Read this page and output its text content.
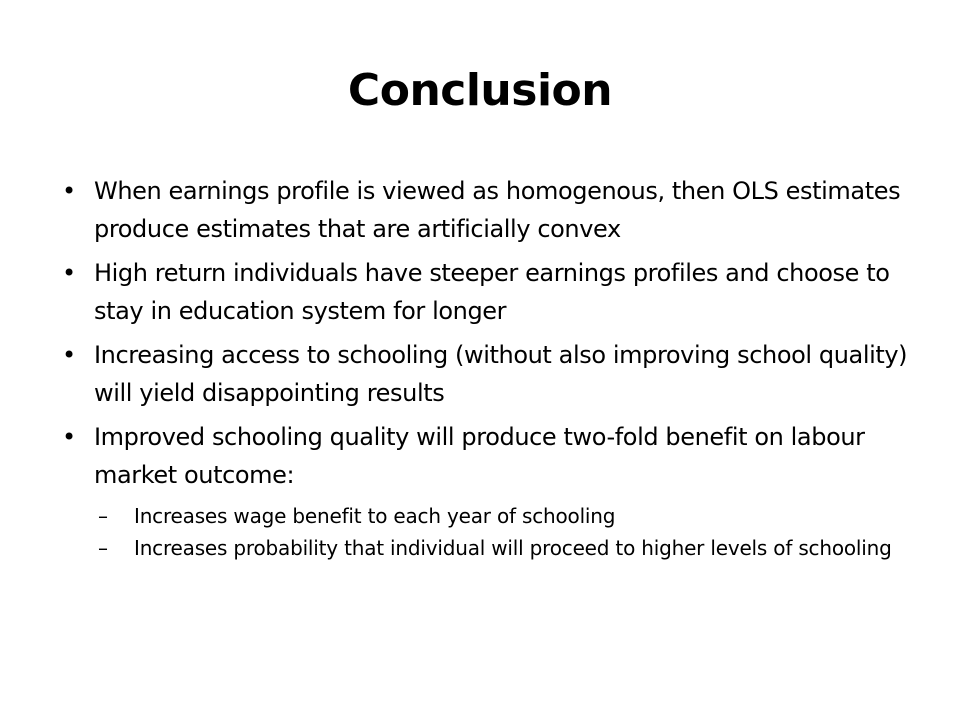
Conclusion
• When earnings profile is viewed as homogenous, then OLS estimates produce estimates that are artificially convex
• High return individuals have steeper earnings profiles and choose to stay in education system for longer
• Increasing access to schooling (without also improving school quality) will yield disappointing results
• Improved schooling quality will produce two-fold benefit on labour market outcome:
– Increases wage benefit to each year of schooling
– Increases probability that individual will proceed to higher levels of schooling
